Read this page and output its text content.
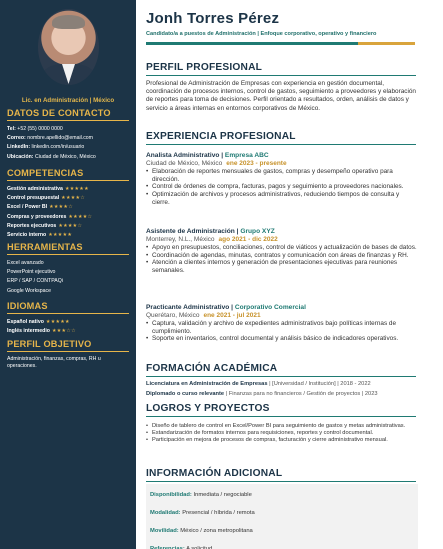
Lic. en Administración | México
DATOS DE CONTACTO
Tel: +52 (55) 0000 0000
Correo: nombre.apellido@email.com
LinkedIn: linkedin.com/in/usuario
Ubicación: Ciudad de México, México
COMPETENCIAS
Gestión administrativa ★★★★★
Control presupuestal ★★★★☆
Excel / Power BI ★★★★☆
Compras y proveedores ★★★★☆
Reportes ejecutivos ★★★★☆
Servicio interno ★★★★★
HERRAMIENTAS
Excel avanzado
PowerPoint ejecutivo
ERP / SAP / CONTPAQi
Google Workspace
IDIOMAS
Español nativo ★★★★★
Inglés intermedio ★★★☆☆
PERFIL OBJETIVO
Administración, finanzas, compras, RH u operaciones.
Jonh Torres Pérez
Candidato/a a puestos de Administración | Enfoque corporativo, operativo y financiero
PERFIL PROFESIONAL
Profesional de Administración de Empresas con experiencia en gestión documental, coordinación de procesos internos, control de gastos, seguimiento a proveedores y elaboración de reportes para toma de decisiones. Perfil orientado a resultados, orden, análisis de datos y servicio a áreas internas en entornos corporativos de México.
EXPERIENCIA PROFESIONAL
Analista Administrativo | Empresa ABC
Ciudad de México, México ene 2023 - presente
• Elaboración de reportes mensuales de gastos, compras y desempeño operativo para dirección.
• Control de órdenes de compra, facturas, pagos y seguimiento a proveedores nacionales.
• Optimización de archivos y procesos administrativos, reduciendo tiempos de consulta y cierre.
Asistente de Administración | Grupo XYZ
Monterrey, N.L., México ago 2021 - dic 2022
• Apoyo en presupuestos, conciliaciones, control de viáticos y actualización de bases de datos.
• Coordinación de agendas, minutas, contratos y comunicación con áreas de finanzas y RH.
• Atención a clientes internos y generación de presentaciones ejecutivas para reuniones semanales.
Practicante Administrativo | Corporativo Comercial
Querétaro, México ene 2021 - jul 2021
• Captura, validación y archivo de expedientes administrativos bajo políticas internas de cumplimiento.
• Soporte en inventarios, control documental y análisis básico de indicadores operativos.
FORMACIÓN ACADÉMICA
Licenciatura en Administración de Empresas | [Universidad / Institución] | 2018 - 2022
Diplomado o curso relevante | Finanzas para no financieros / Gestión de proyectos | 2023
LOGROS Y PROYECTOS
• Diseño de tablero de control en Excel/Power BI para seguimiento de gastos y metas administrativas.
• Estandarización de formatos internos para requisiciones, reportes y control documental.
• Participación en mejora de procesos de compras, facturación y cierre administrativo mensual.
INFORMACIÓN ADICIONAL
Disponibilidad: Inmediata / negociable
Modalidad: Presencial / híbrida / remota
Movilidad: México / zona metropolitana
Referencias: A solicitud
